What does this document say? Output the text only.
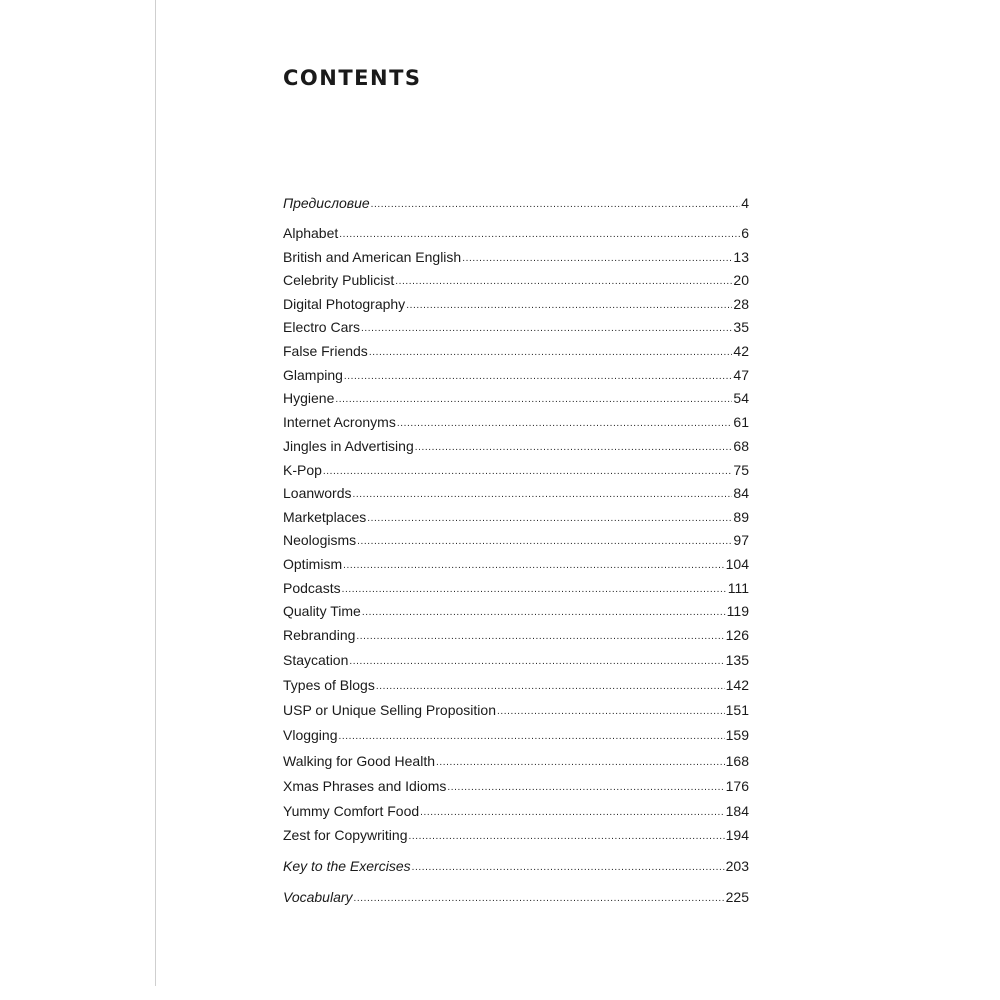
CONTENTS
Предисловие .....	4
Alphabet .....	6
British and American English .....	13
Celebrity Publicist .....	20
Digital Photography .....	28
Electro Cars .....	35
False Friends .....	42
Glamping .....	47
Hygiene .....	54
Internet Acronyms .....	61
Jingles in Advertising .....	68
K-Pop .....	75
Loanwords .....	84
Marketplaces .....	89
Neologisms .....	97
Optimism .....	104
Podcasts .....	111
Quality Time .....	119
Rebranding .....	126
Staycation .....	135
Types of Blogs .....	142
USP or Unique Selling Proposition .....	151
Vlogging .....	159
Walking for Good Health .....	168
Xmas Phrases and Idioms .....	176
Yummy Comfort Food .....	184
Zest for Copywriting .....	194
Key to the Exercises .....	203
Vocabulary .....	225
